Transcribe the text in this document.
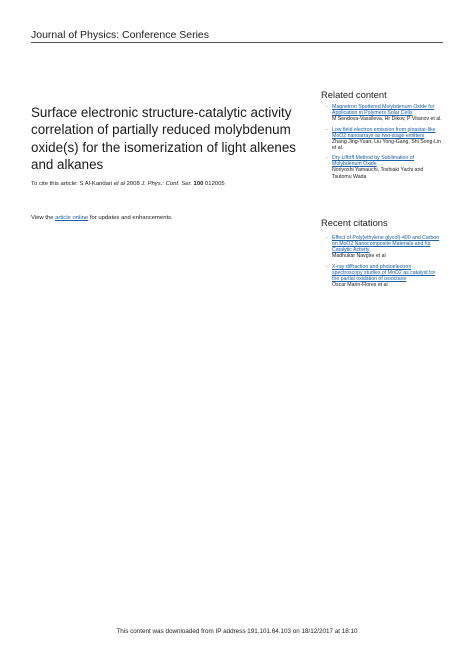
Journal of Physics: Conference Series
Surface electronic structure-catalytic activity correlation of partially reduced molybdenum oxide(s) for the isomerization of light alkenes and alkanes
To cite this article: S Al-Kandari et al 2008 J. Phys.: Conf. Ser. 100 012005
View the article online for updates and enhancements.
Related content
- Magnetron Sputtered Molybdenum Oxide for Application in Polymers Solar Cells
M Sendova-Vassileva, Hr Dikov, P Vitanov et al.
- Low field electron emission from pinastar-like MoO2 nanoarrays as two-stage emitters
Zhang Jing-Yuan, Liu Yong-Gang, Shi Song-Lin et al.
- Dry Liftoff Method by Sublimation of Molybdenum Oxide
Noriyoshi Yamauchi, Toshiaki Yachi and Tsutomu Wada
Recent citations
- Effect of Poly(ethylene glycol)-400 and Carbon on MoO2 Nanocomposite Materials and Its Catalytic Activity
Madhukar Navgire et al
- X-ray diffraction and photoelectron spectroscopy studies of MoO2 as catalyst for the partial oxidation of isooctane
Oscar Marin-Flores et al
This content was downloaded from IP address 191.101.64.103 on 18/12/2017 at 18:10
